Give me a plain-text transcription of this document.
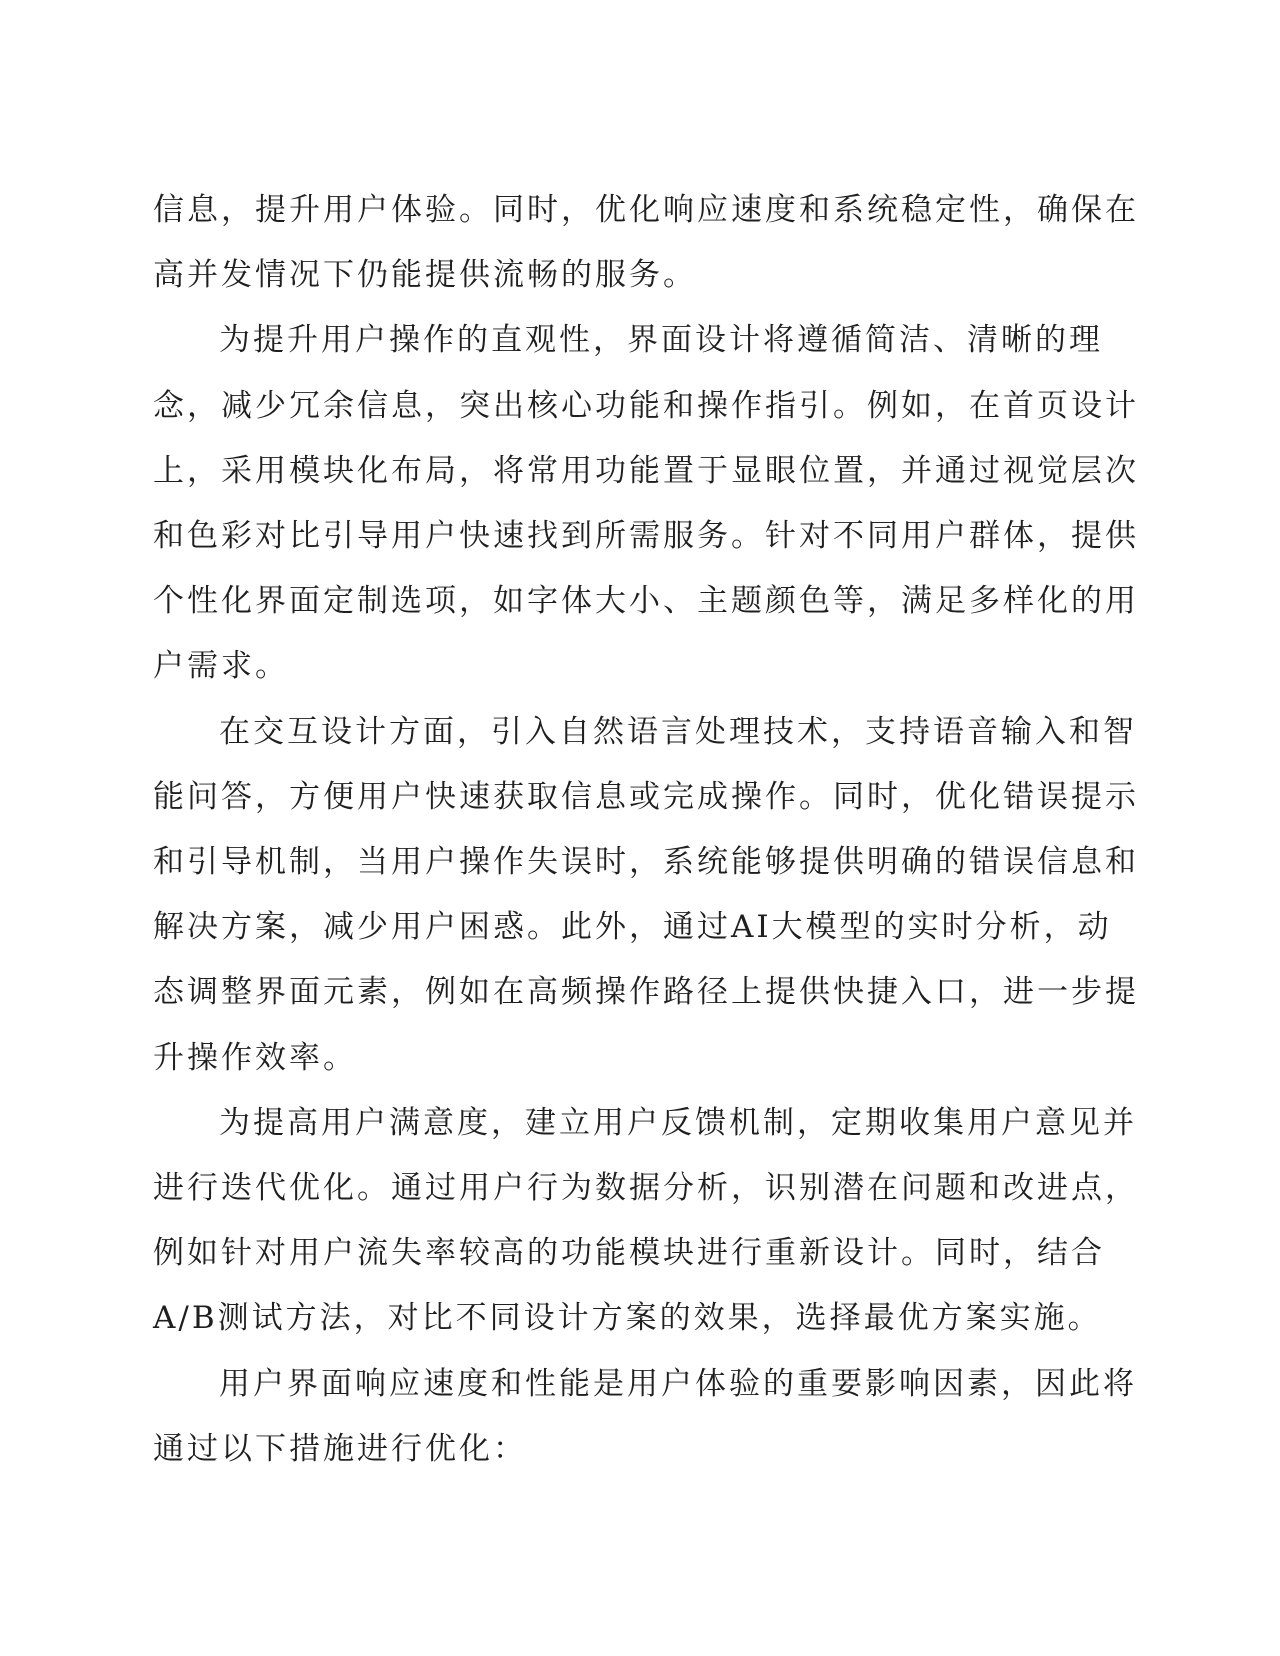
信息，提升用户体验。同时，优化响应速度和系统稳定性，确保在高并发情况下仍能提供流畅的服务。

为提升用户操作的直观性，界面设计将遵循简洁、清晰的理念，减少冗余信息，突出核心功能和操作指引。例如，在首页设计上，采用模块化布局，将常用功能置于显眼位置，并通过视觉层次和色彩对比引导用户快速找到所需服务。针对不同用户群体，提供个性化界面定制选项，如字体大小、主题颜色等，满足多样化的用户需求。

在交互设计方面，引入自然语言处理技术，支持语音输入和智能问答，方便用户快速获取信息或完成操作。同时，优化错误提示和引导机制，当用户操作失误时，系统能够提供明确的错误信息和解决方案，减少用户困惑。此外，通过AI大模型的实时分析，动态调整界面元素，例如在高频操作路径上提供快捷入口，进一步提升操作效率。

为提高用户满意度，建立用户反馈机制，定期收集用户意见并进行迭代优化。通过用户行为数据分析，识别潜在问题和改进点，例如针对用户流失率较高的功能模块进行重新设计。同时，结合A/B测试方法，对比不同设计方案的效果，选择最优方案实施。

用户界面响应速度和性能是用户体验的重要影响因素，因此将通过以下措施进行优化：
